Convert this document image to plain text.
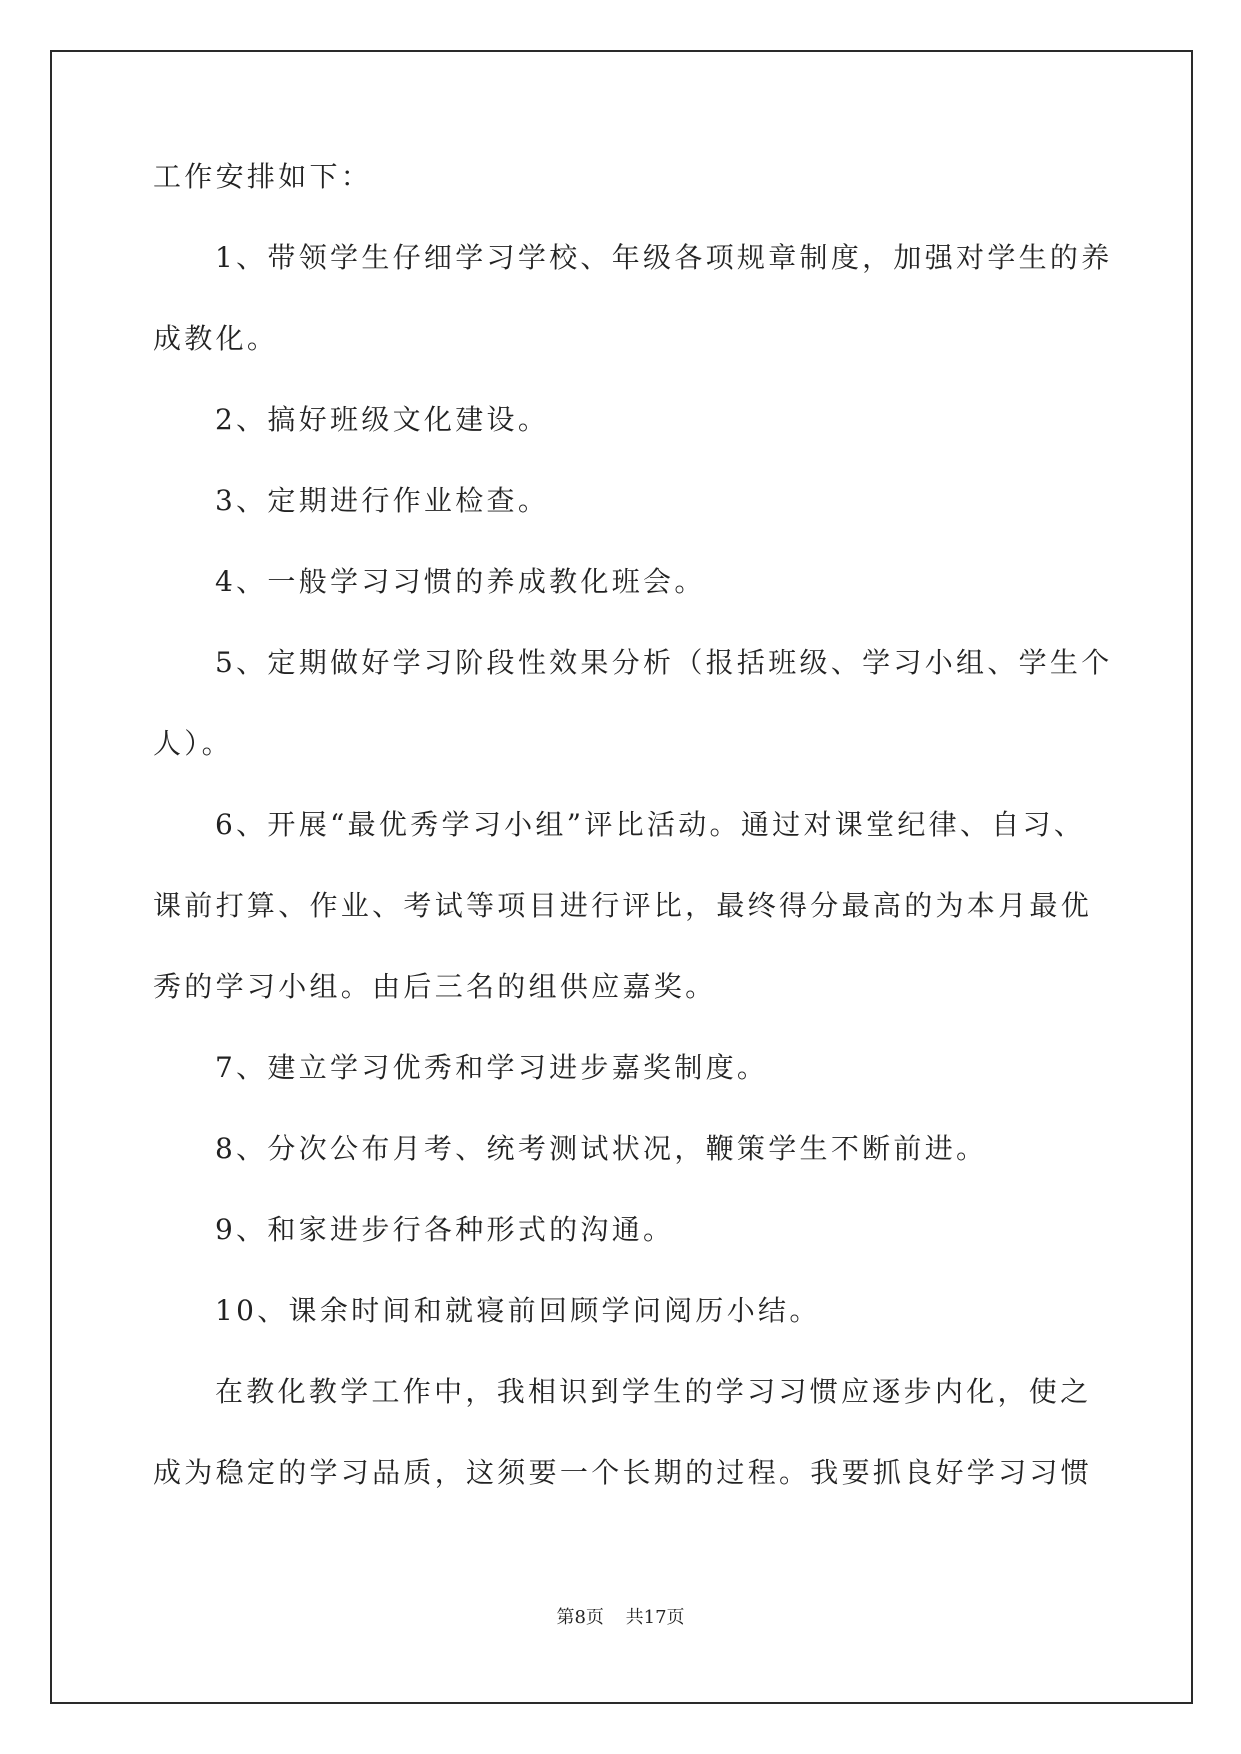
工作安排如下：
1、带领学生仔细学习学校、年级各项规章制度，加强对学生的养
成教化。
2、搞好班级文化建设。
3、定期进行作业检查。
4、一般学习习惯的养成教化班会。
5、定期做好学习阶段性效果分析（报括班级、学习小组、学生个
人）。
6、开展“最优秀学习小组”评比活动。通过对课堂纪律、自习、
课前打算、作业、考试等项目进行评比，最终得分最高的为本月最优
秀的学习小组。由后三名的组供应嘉奖。
7、建立学习优秀和学习进步嘉奖制度。
8、分次公布月考、统考测试状况，鞭策学生不断前进。
9、和家进步行各种形式的沟通。
10、课余时间和就寝前回顾学问阅历小结。
在教化教学工作中，我相识到学生的学习习惯应逐步内化，使之
成为稳定的学习品质，这须要一个长期的过程。我要抓良好学习习惯
第8页 共17页
